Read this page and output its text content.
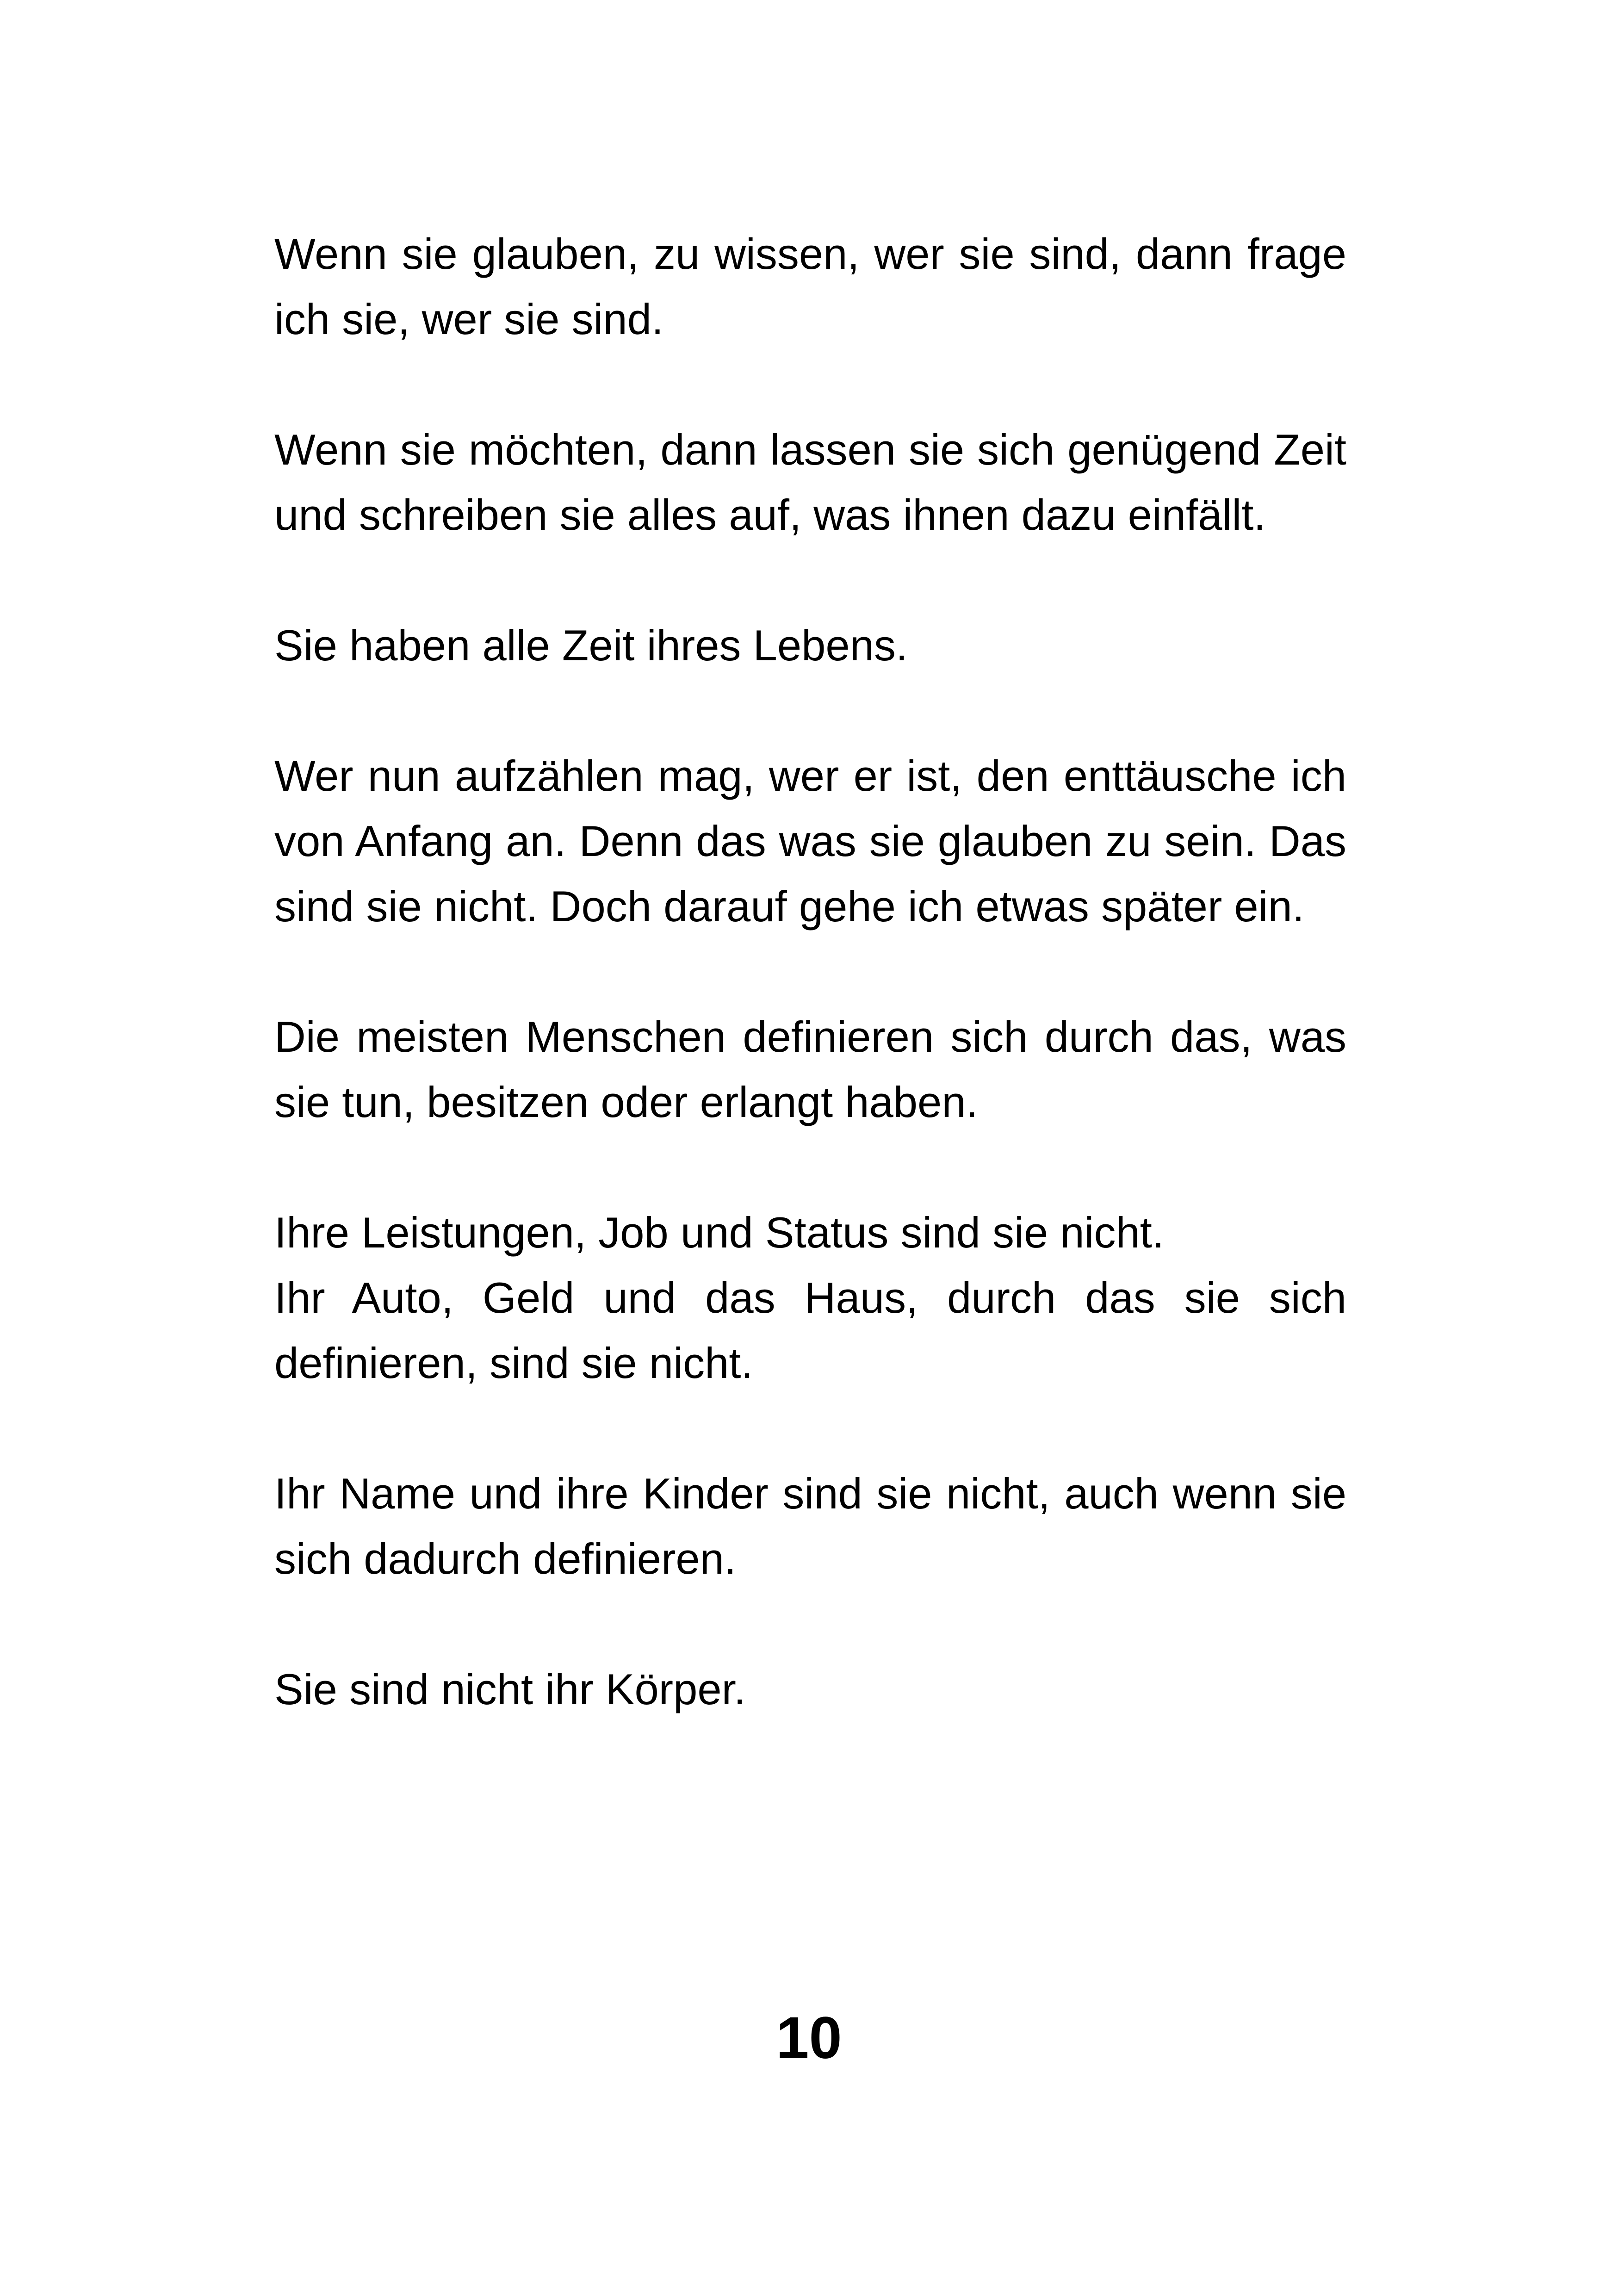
Wenn sie glauben, zu wissen, wer sie sind, dann frage ich sie, wer sie sind.

Wenn sie möchten, dann lassen sie sich genügend Zeit und schreiben sie alles auf, was ihnen dazu einfällt.

Sie haben alle Zeit ihres Lebens.

Wer nun aufzählen mag, wer er ist, den enttäusche ich von Anfang an. Denn das was sie glauben zu sein. Das sind sie nicht. Doch darauf gehe ich etwas später ein.

Die meisten Menschen definieren sich durch das, was sie tun, besitzen oder erlangt haben.

Ihre Leistungen, Job und Status sind sie nicht.

Ihr Auto, Geld und das Haus, durch das sie sich definieren, sind sie nicht.

Ihr Name und ihre Kinder sind sie nicht, auch wenn sie sich dadurch definieren.

Sie sind nicht ihr Körper.

10
